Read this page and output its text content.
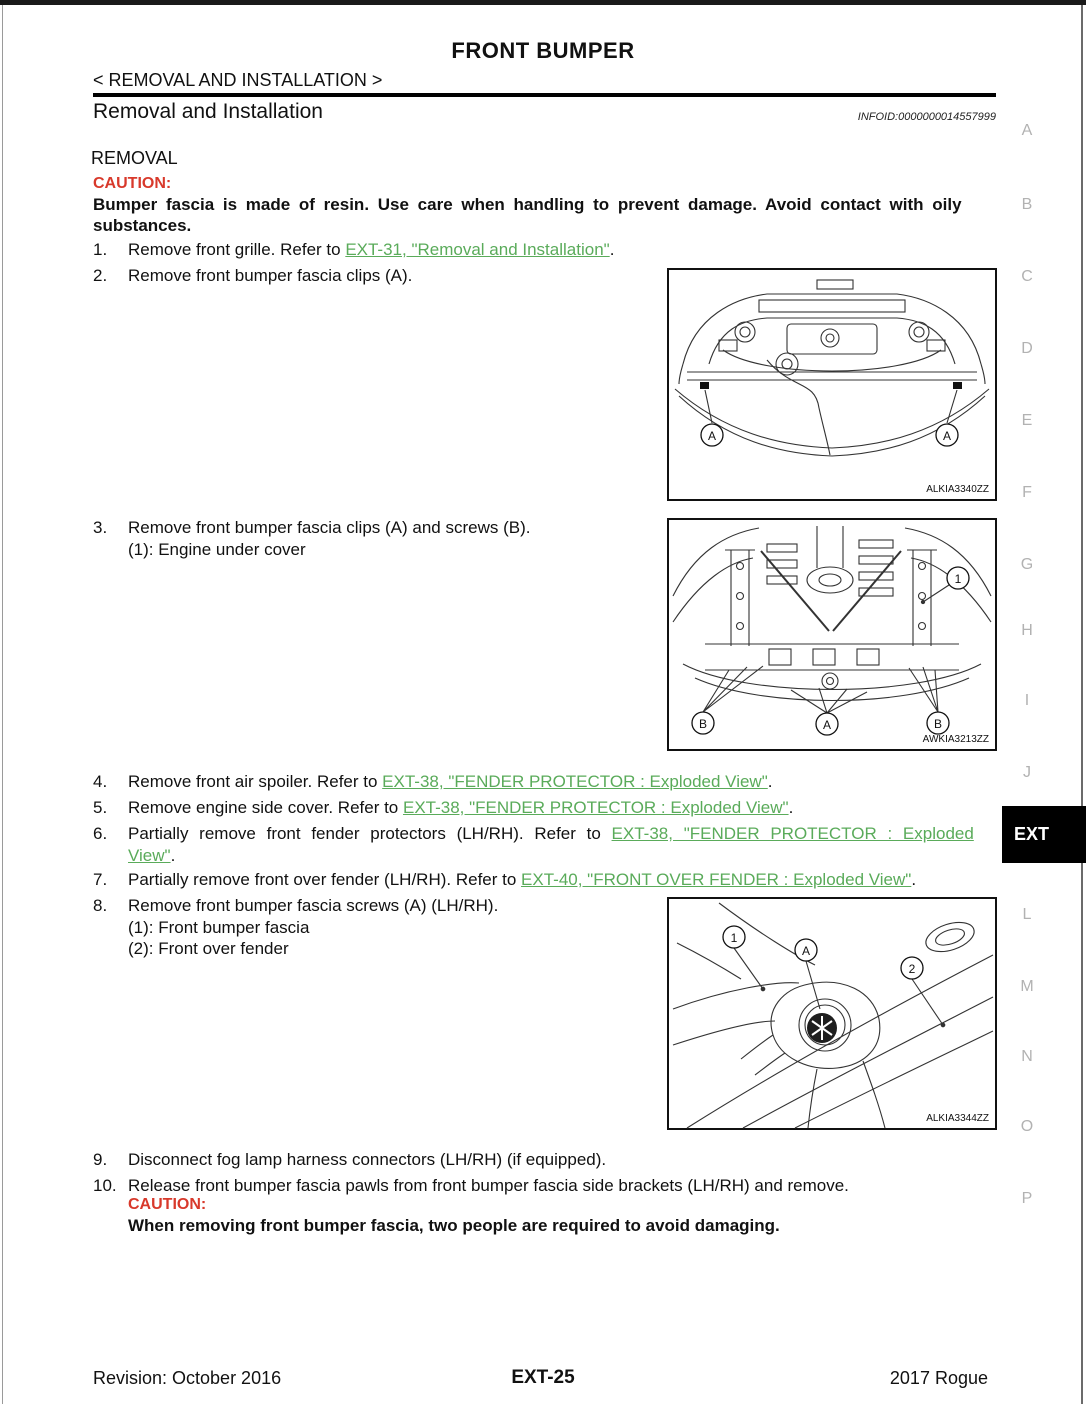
FRONT BUMPER
< REMOVAL AND INSTALLATION >
Removal and Installation	INFOID:0000000014557999
REMOVAL
CAUTION:
Bumper fascia is made of resin. Use care when handling to prevent damage. Avoid contact with oily
substances.
1. Remove front grille. Refer to EXT-31, "Removal and Installation".
2. Remove front bumper fascia clips (A).
A	A
ALKIA3340ZZ
3. Remove front bumper fascia clips (A) and screws (B).
(1): Engine under cover
B	A	B
1
AWKIA3213ZZ
4. Remove front air spoiler. Refer to EXT-38, "FENDER PROTECTOR : Exploded View".
5. Remove engine side cover. Refer to EXT-38, "FENDER PROTECTOR : Exploded View".
6. Partially remove front fender protectors (LH/RH). Refer to EXT-38, "FENDER PROTECTOR : Exploded
View".
7. Partially remove front over fender (LH/RH). Refer to EXT-40, "FRONT OVER FENDER : Exploded View".
8. Remove front bumper fascia screws (A) (LH/RH).
(1): Front bumper fascia
(2): Front over fender
1
A
2
ALKIA3344ZZ
9. Disconnect fog lamp harness connectors (LH/RH) (if equipped).
10. Release front bumper fascia pawls from front bumper fascia side brackets (LH/RH) and remove.
CAUTION:
When removing front bumper fascia, two people are required to avoid damaging.
A
B
C
D
E
F
G
H
I
J
EXT
L
M
N
O
P
Revision: October 2016	EXT-25	2017 Rogue
